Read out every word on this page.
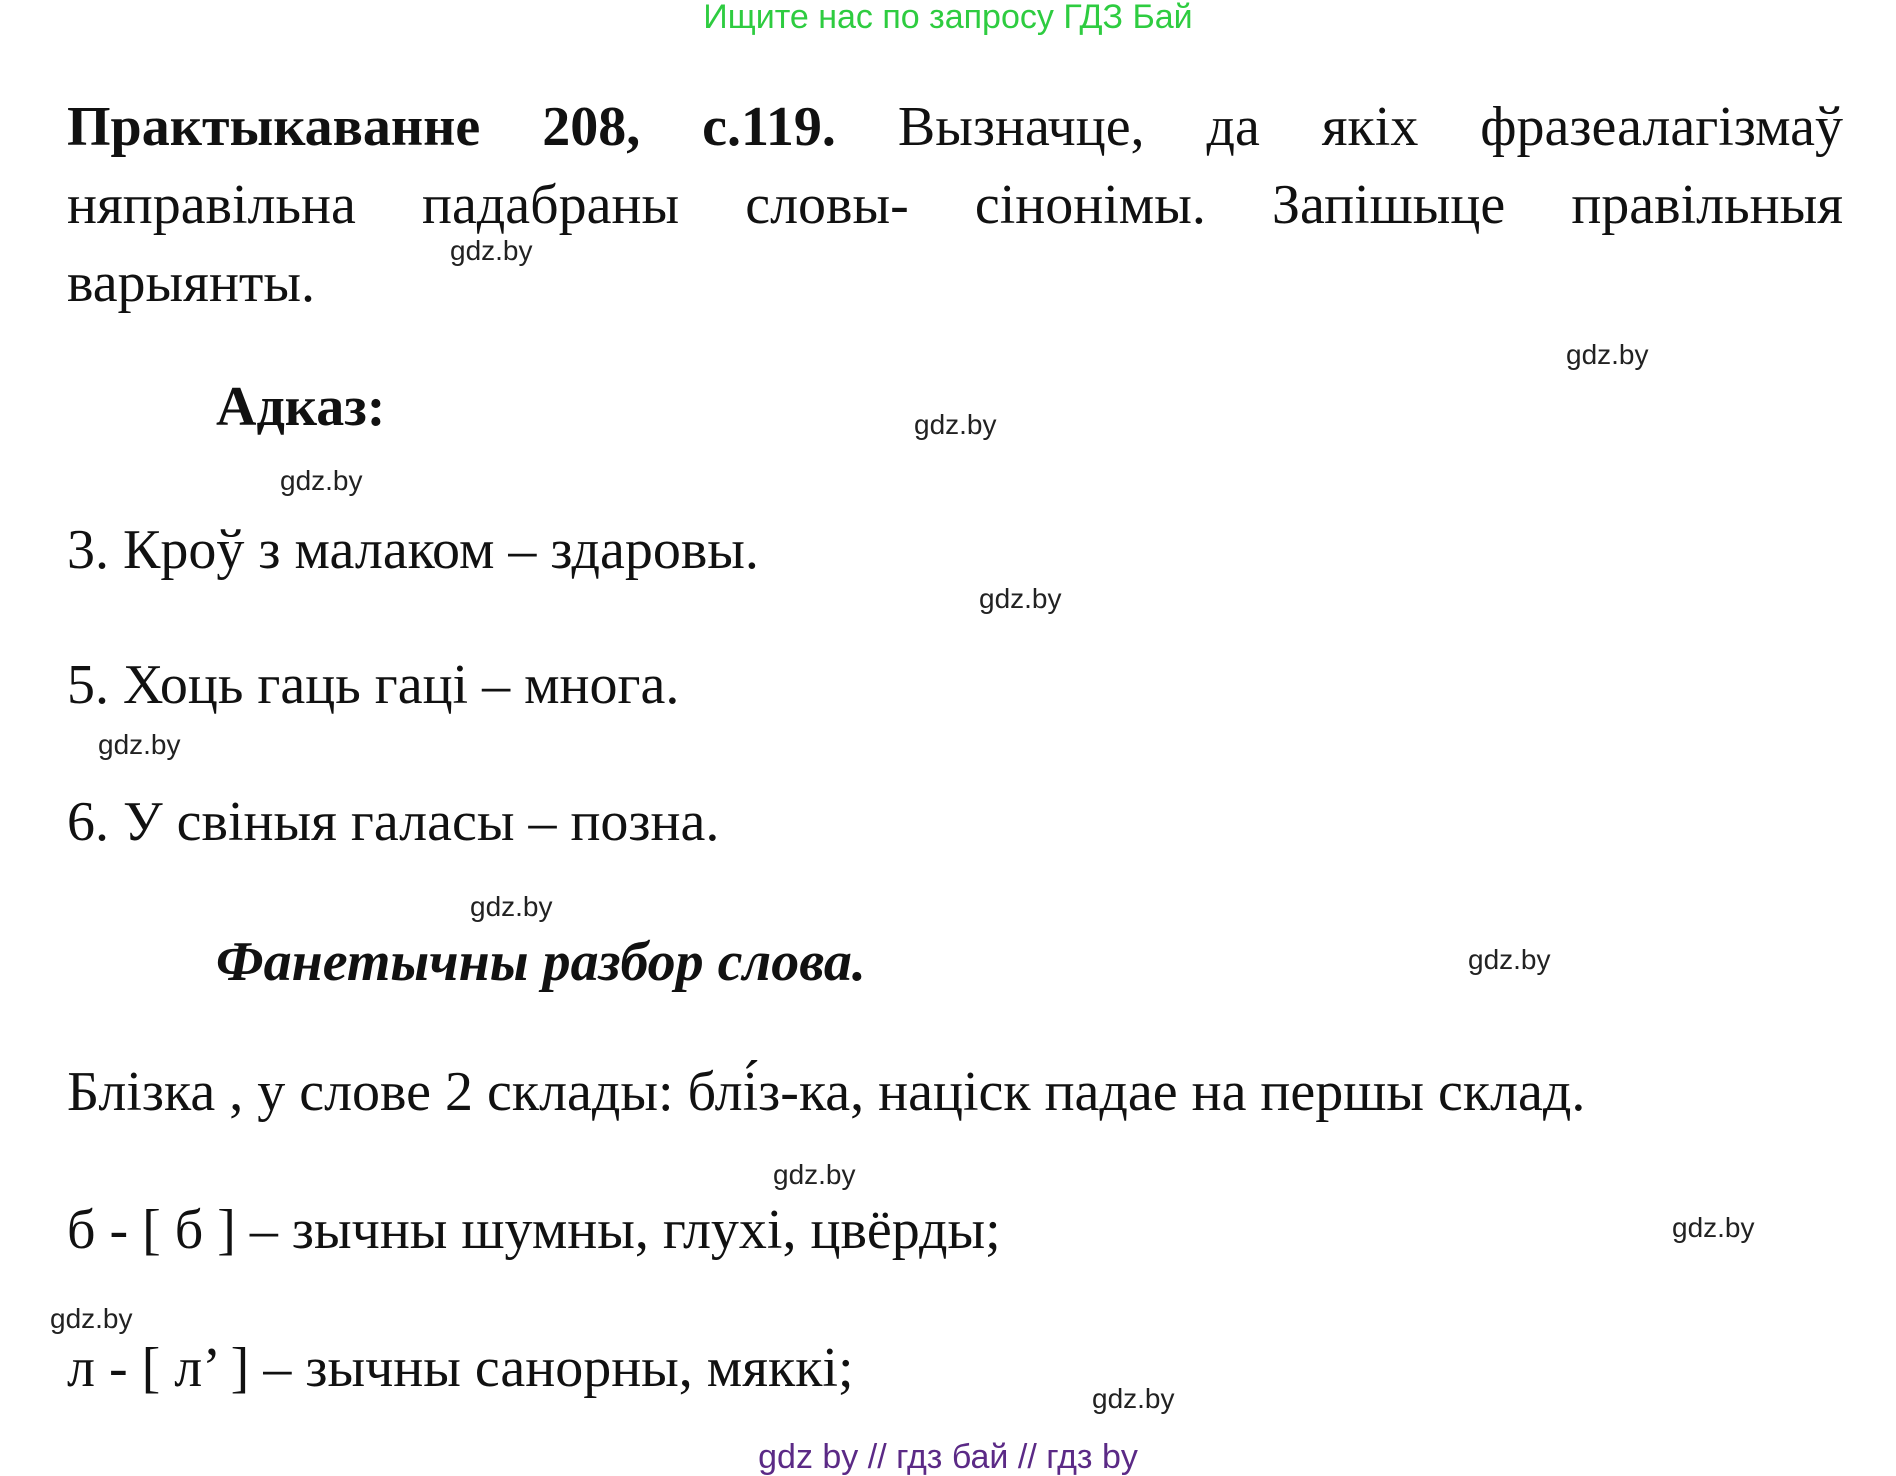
Ищите нас по запросу ГДЗ Бай
Практыкаванне 208, с.119. Вызначце, да якіх фразеалагізмаў няправільна падабраны словы- сінонімы. Запішыце правільныя варыянты.
Адказ:
3. Кроў з малаком – здаровы.
5. Хоць гаць гаці – многа.
6. У свіныя галасы – позна.
Фанетычны разбор слова.
Блізка , у слове 2 склады: блі́з-ка, націск падае на першы склад.
б - [ б ] – зычны шумны, глухі, цвёрды;
л - [ л’ ] – зычны санорны, мяккі;
gdz.by
gdz.by
gdz.by
gdz.by
gdz.by
gdz.by
gdz.by
gdz.by
gdz.by
gdz.by
gdz.by
gdz.by
gdz by // гдз бай // гдз by
